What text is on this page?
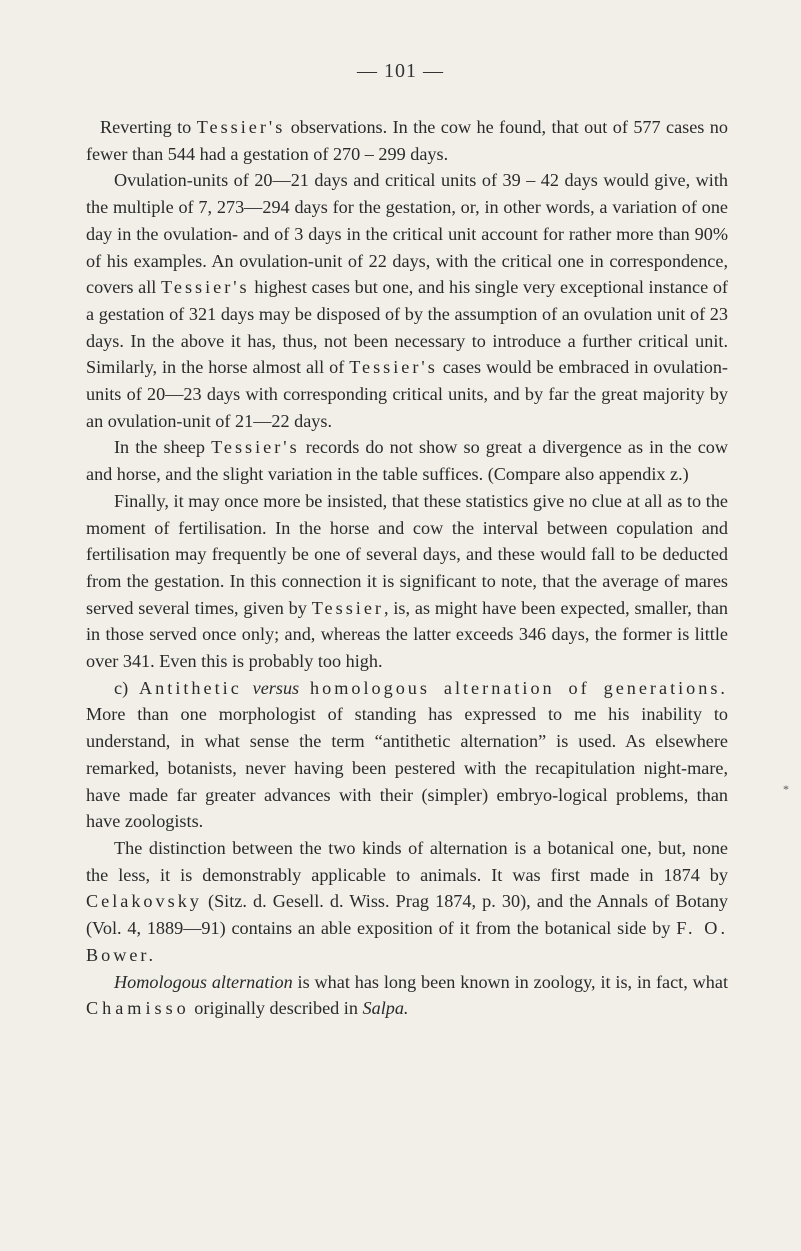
— 101 —
*

Reverting to Tessier's observations. In the cow he found, that out of 577 cases no fewer than 544 had a gestation of 270 – 299 days.

Ovulation-units of 20—21 days and critical units of 39 – 42 days would give, with the multiple of 7, 273—294 days for the gestation, or, in other words, a variation of one day in the ovulation- and of 3 days in the critical unit account for rather more than 90% of his examples. An ovulation-unit of 22 days, with the critical one in correspondence, covers all Tessier's highest cases but one, and his single very exceptional instance of a gestation of 321 days may be disposed of by the assumption of an ovulation unit of 23 days. In the above it has, thus, not been necessary to introduce a further critical unit. Similarly, in the horse almost all of Tessier's cases would be embraced in ovulation-units of 20—23 days with corresponding critical units, and by far the great majority by an ovulation-unit of 21—22 days.

In the sheep Tessier's records do not show so great a divergence as in the cow and horse, and the slight variation in the table suffices. (Compare also appendix z.)

Finally, it may once more be insisted, that these statistics give no clue at all as to the moment of fertilisation. In the horse and cow the interval between copulation and fertilisation may frequently be one of several days, and these would fall to be deducted from the gestation. In this connection it is significant to note, that the average of mares served several times, given by Tessier, is, as might have been expected, smaller, than in those served once only; and, whereas the latter exceeds 346 days, the former is little over 341. Even this is probably too high.

c) Antithetic versus homologous alternation of generations. More than one morphologist of standing has expressed to me his inability to understand, in what sense the term “antithetic alternation” is used. As elsewhere remarked, botanists, never having been pestered with the recapitulation night-mare, have made far greater advances with their (simpler) embryo-logical problems, than have zoologists.

The distinction between the two kinds of alternation is a botanical one, but, none the less, it is demonstrably applicable to animals. It was first made in 1874 by Celakovsky (Sitz. d. Gesell. d. Wiss. Prag 1874, p. 30), and the Annals of Botany (Vol. 4, 1889—91) contains an able exposition of it from the botanical side by F. O. Bower.

Homologous alternation is what has long been known in zoology, it is, in fact, what Chamisso originally described in Salpa.
